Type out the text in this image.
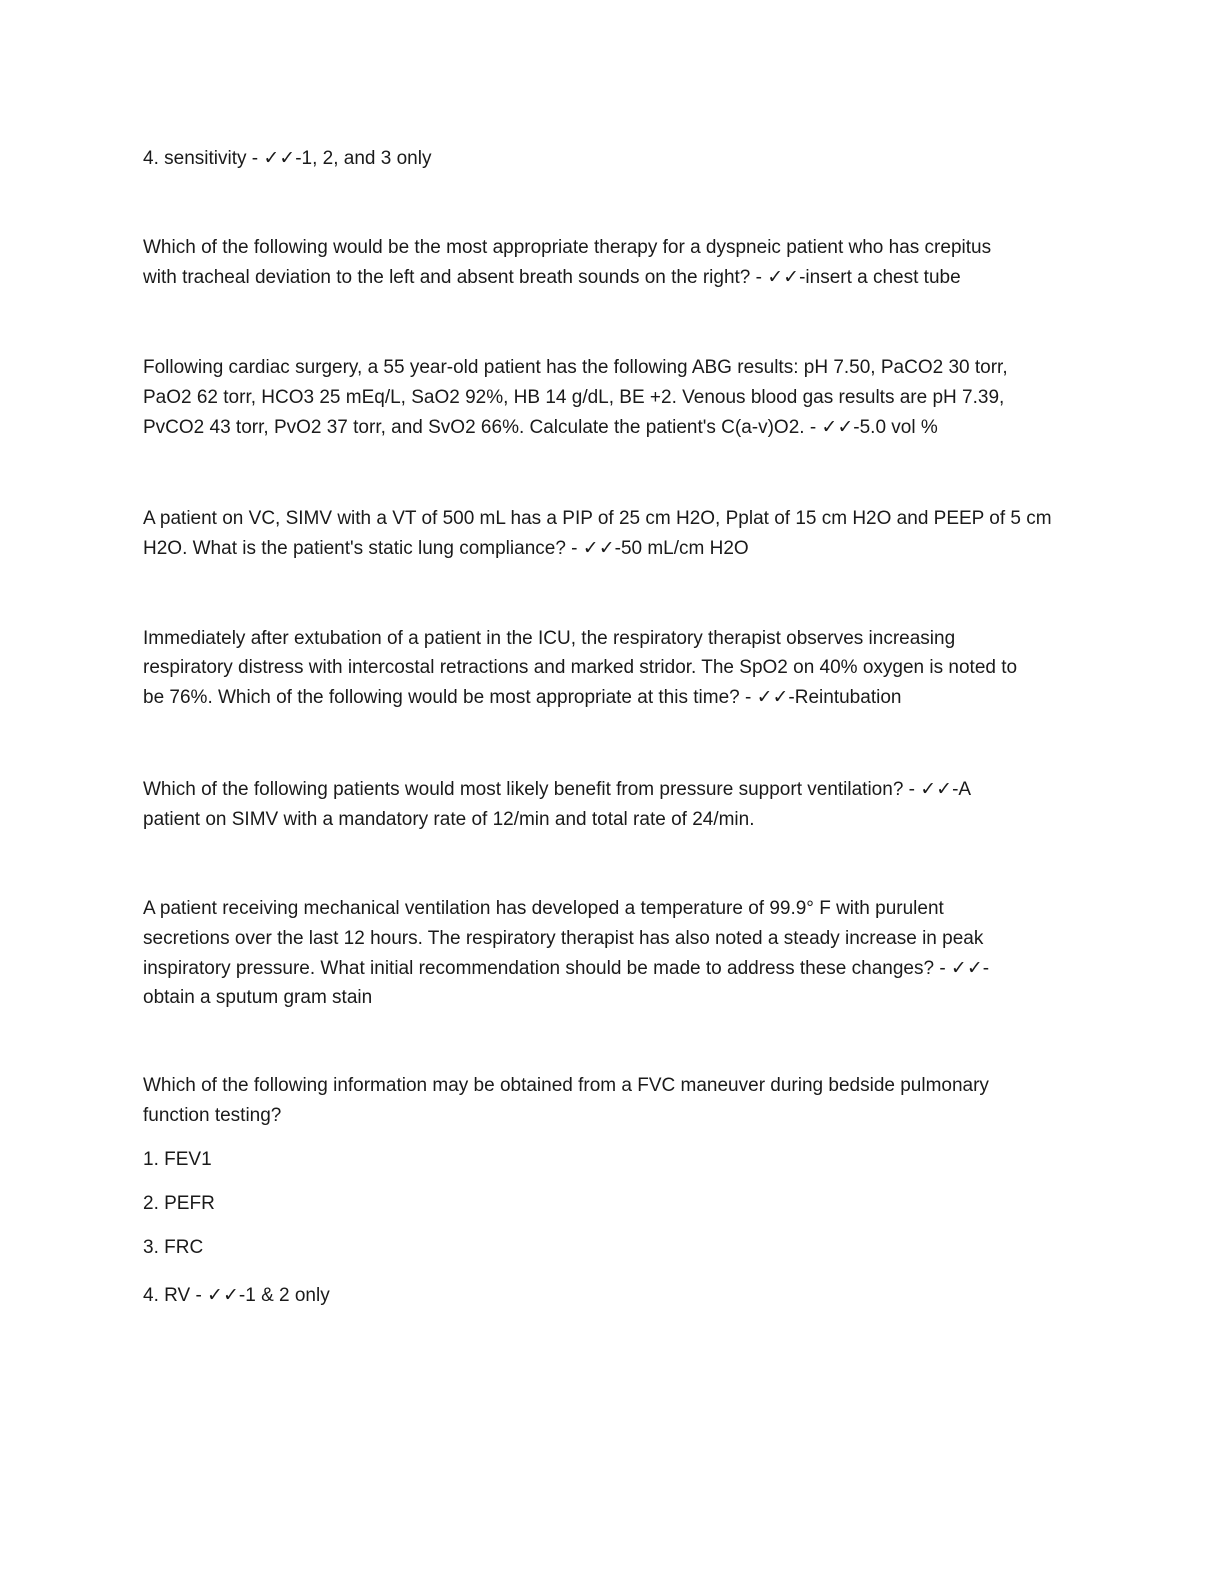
4. sensitivity - ✓✓-1, 2, and 3 only
Which of the following would be the most appropriate therapy for a dyspneic patient who has crepitus
with tracheal deviation to the left and absent breath sounds on the right? - ✓✓-insert a chest tube
Following cardiac surgery, a 55 year-old patient has the following ABG results: pH 7.50, PaCO2 30 torr,
PaO2 62 torr, HCO3 25 mEq/L, SaO2 92%, HB 14 g/dL, BE +2. Venous blood gas results are pH 7.39,
PvCO2 43 torr, PvO2 37 torr, and SvO2 66%. Calculate the patient's C(a-v)O2. - ✓✓-5.0 vol %
A patient on VC, SIMV with a VT of 500 mL has a PIP of 25 cm H2O, Pplat of 15 cm H2O and PEEP of 5 cm
H2O. What is the patient's static lung compliance? - ✓✓-50 mL/cm H2O
Immediately after extubation of a patient in the ICU, the respiratory therapist observes increasing
respiratory distress with intercostal retractions and marked stridor. The SpO2 on 40% oxygen is noted to
be 76%. Which of the following would be most appropriate at this time? - ✓✓-Reintubation
Which of the following patients would most likely benefit from pressure support ventilation? - ✓✓-A
patient on SIMV with a mandatory rate of 12/min and total rate of 24/min.
A patient receiving mechanical ventilation has developed a temperature of 99.9° F with purulent
secretions over the last 12 hours. The respiratory therapist has also noted a steady increase in peak
inspiratory pressure. What initial recommendation should be made to address these changes? - ✓✓-
obtain a sputum gram stain
Which of the following information may be obtained from a FVC maneuver during bedside pulmonary
function testing?
1. FEV1
2. PEFR
3. FRC
4. RV - ✓✓-1 & 2 only
